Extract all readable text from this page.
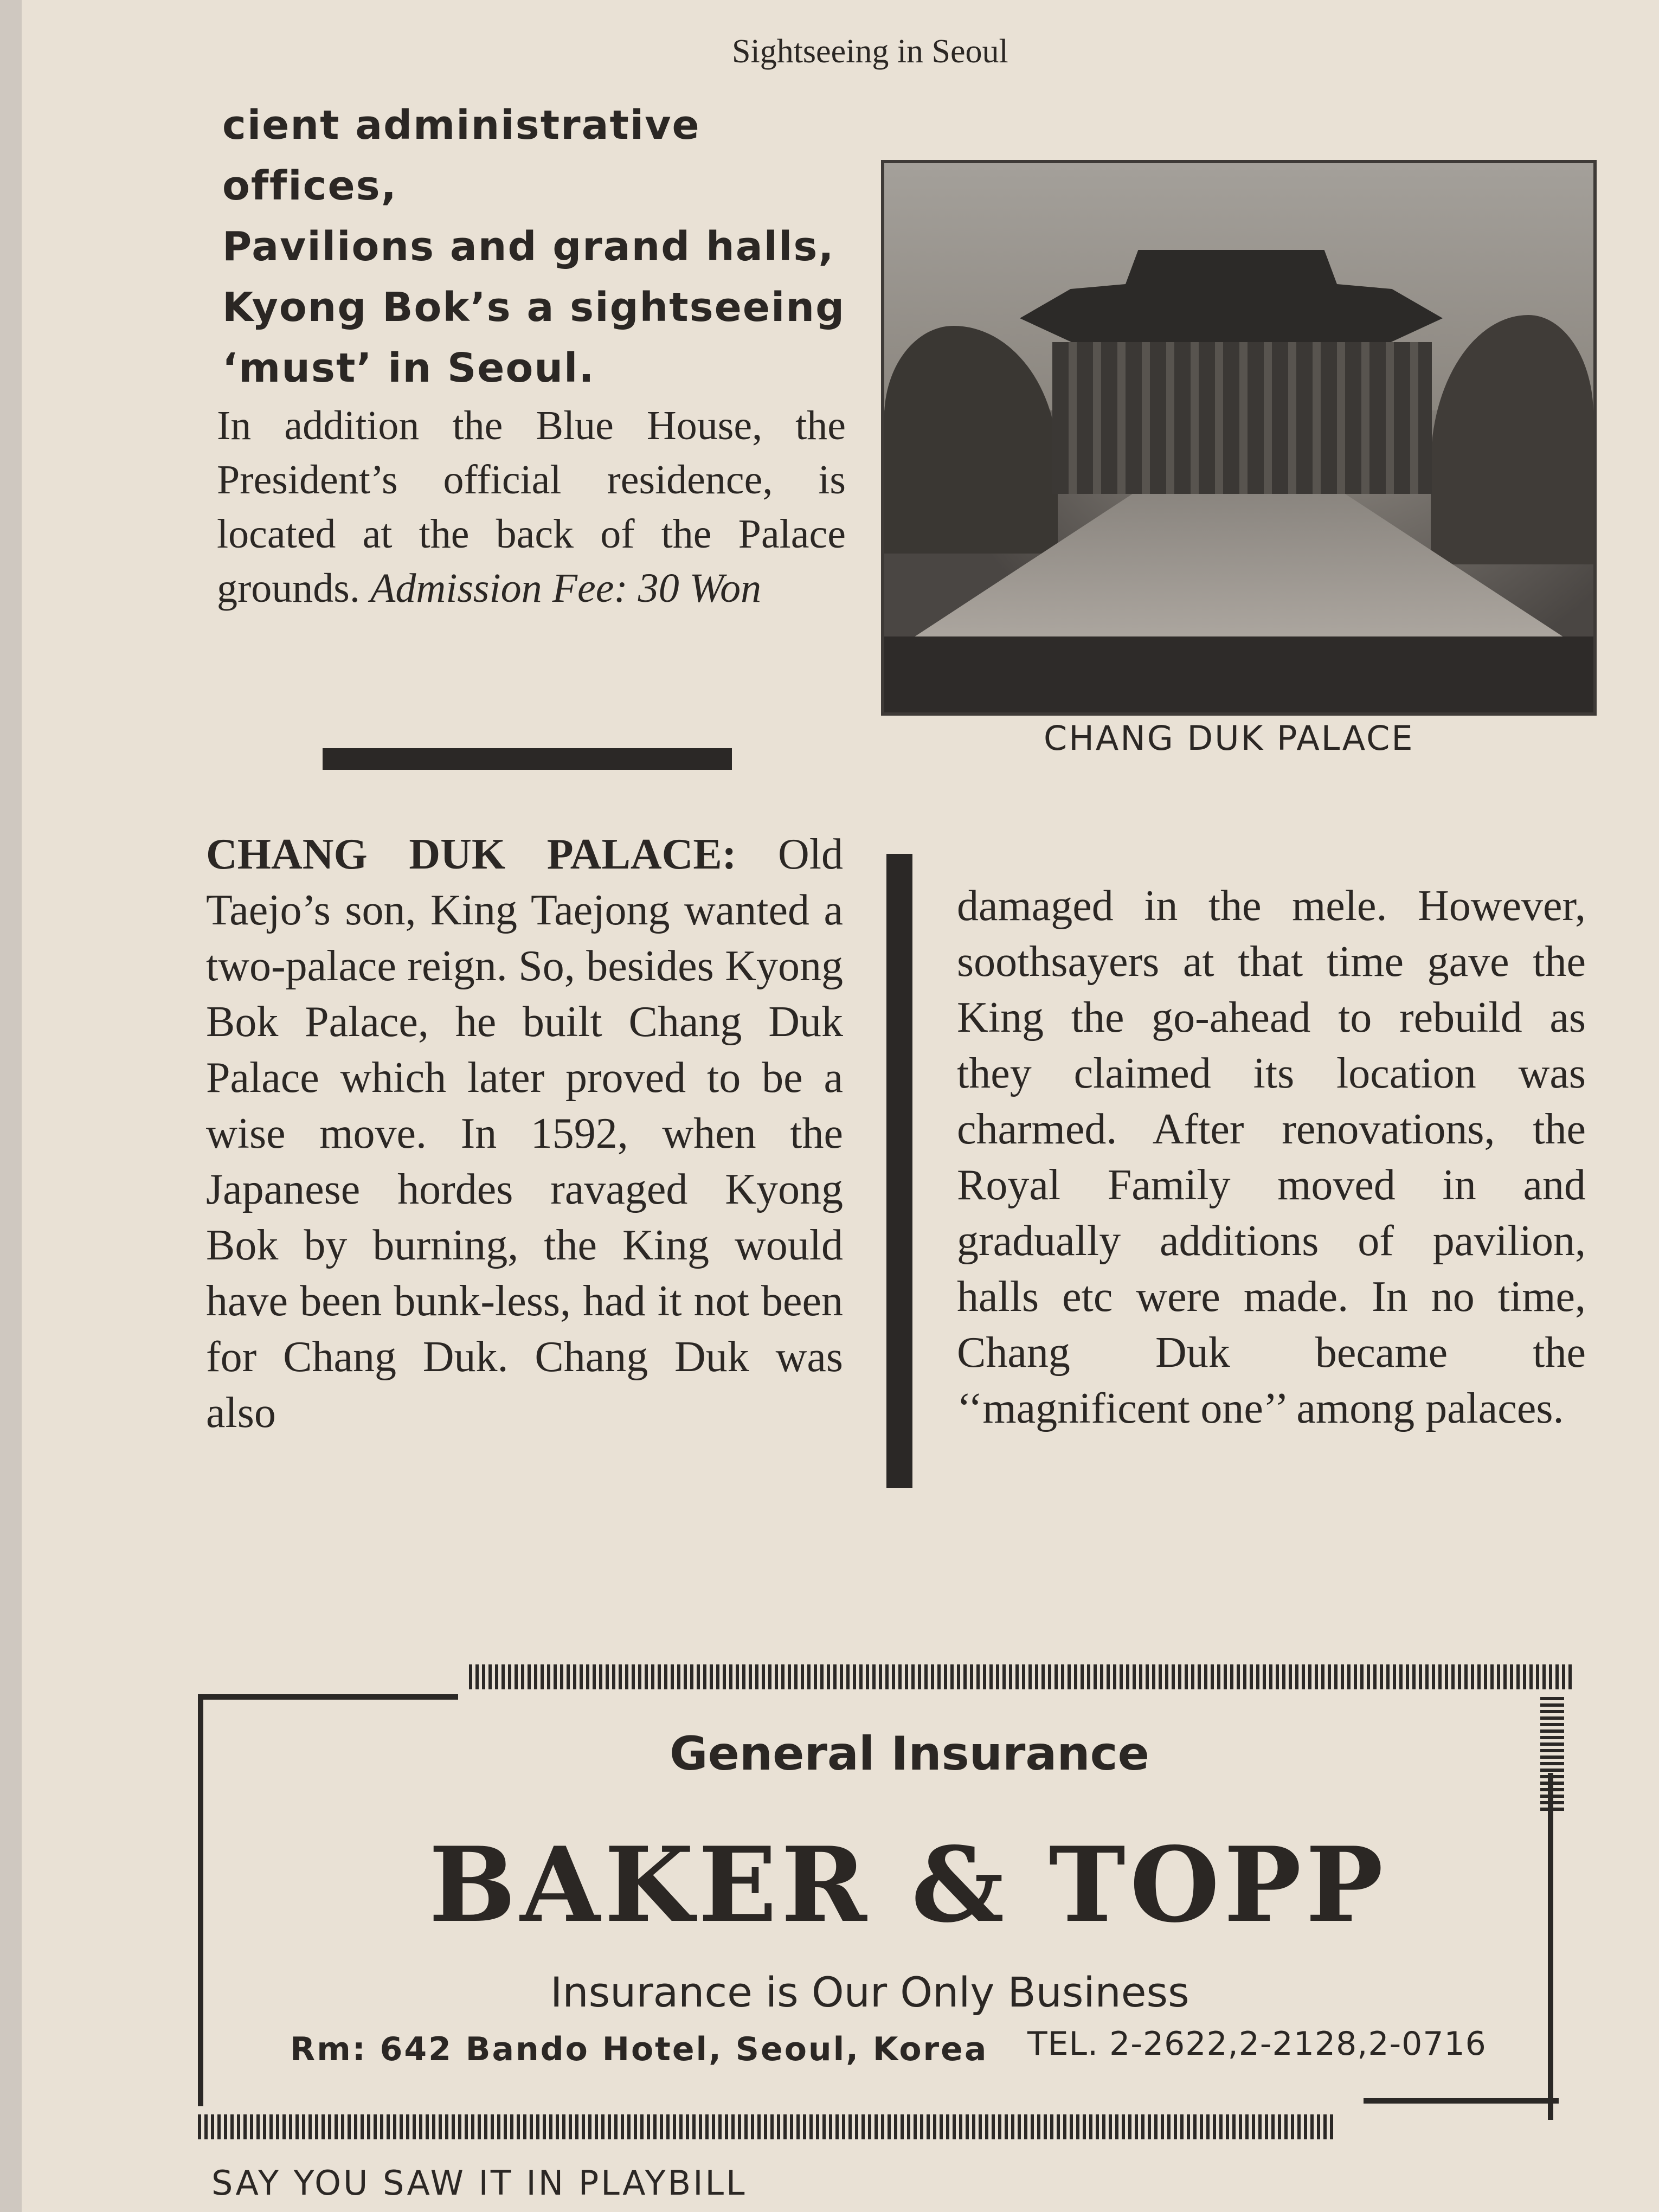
Sightseeing in Seoul

cient administrative offices,

Pavilions and grand halls,

Kyong Bok’s a sightseeing

‘must’ in Seoul.

In addition the Blue House, the President’s official residence, is located at the back of the Palace grounds. Admission Fee: 30 Won
CHANG DUK PALACE

CHANG DUK PALACE: Old Taejo’s son, King Taejong wanted a two-palace reign. So, besides Kyong Bok Palace, he built Chang Duk Palace which later proved to be a wise move. In 1592, when the Japanese hordes ravaged Kyong Bok by burning, the King would have been bunk-less, had it not been for Chang Duk. Chang Duk was also

damaged in the mele. However, soothsayers at that time gave the King the go-ahead to rebuild as they claimed its location was charmed. After renovations, the Royal Family moved in and gradually additions of pavilion, halls etc were made. In no time, Chang Duk became the ‘‘magnificent one’’ among palaces.

General Insurance
BAKER & TOPP
Insurance is Our Only Business
Rm: 642 Bando Hotel, Seoul, Korea TEL. 2-2622,2-2128,2-0716
SAY YOU SAW IT IN PLAYBILL
